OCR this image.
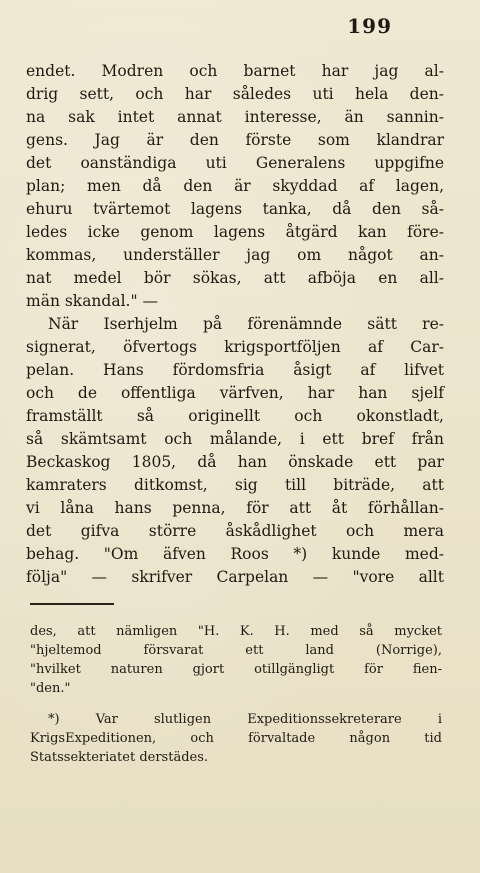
199
endet. Modren och barnet har jag al-
drig sett, och har således uti hela den-
na sak intet annat interesse, än sannin-
gens. Jag är den förste som klandrar
det oanständiga uti Generalens uppgifne
plan; men då den är skyddad af lagen,
ehuru tvärtemot lagens tanka, då den så-
ledes icke genom lagens åtgärd kan före-
kommas, underställer jag om något an-
nat medel bör sökas, att afböja en all-
män skandal." —
När Iserhjelm på förenämnde sätt re-
signerat, öfvertogs krigsportföljen af Car-
pelan. Hans fördomsfria åsigt af lifvet
och de offentliga värfven, har han sjelf
framställt så originellt och okonstladt,
så skämtsamt och målande, i ett bref från
Beckaskog 1805, då han önskade ett par
kamraters ditkomst, sig till biträde, att
vi låna hans penna, för att åt förhållan-
det gifva större åskådlighet och mera
behag. "Om äfven Roos *) kunde med-
följa" — skrifver Carpelan — "vore allt
des, att nämligen "H. K. H. med så mycket
"hjeltemod försvarat ett land (Norrige),
"hvilket naturen gjort otillgängligt för fien-
"den."
*) Var slutligen Expeditionssekreterare i
KrigsExpeditionen, och förvaltade någon tid
Statssekteriatet derstädes.
